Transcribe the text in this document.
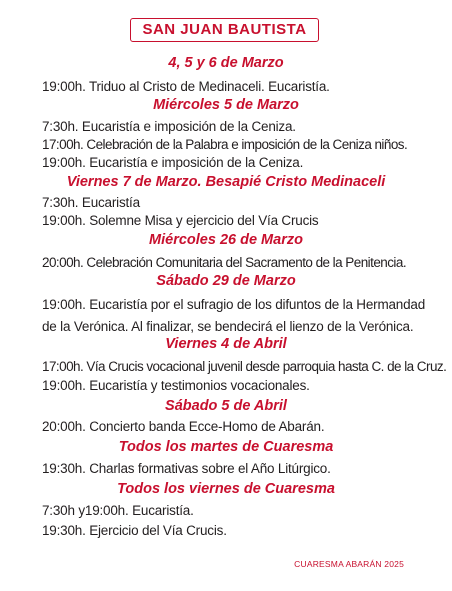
SAN JUAN BAUTISTA
4, 5 y 6 de Marzo
19:00h. Triduo al Cristo de Medinaceli. Eucaristía.
Miércoles 5 de Marzo
7:30h. Eucaristía e imposición de la Ceniza.
17:00h. Celebración de la Palabra e imposición de la Ceniza niños.
19:00h. Eucaristía e imposición de la Ceniza.
Viernes 7 de Marzo. Besapié Cristo Medinaceli
7:30h. Eucaristía
19:00h. Solemne Misa y ejercicio del Vía Crucis
Miércoles 26 de Marzo
20:00h. Celebración Comunitaria del Sacramento de la Penitencia.
Sábado 29 de Marzo
19:00h. Eucaristía por el sufragio de los difuntos de la Hermandad
de la Verónica. Al finalizar, se bendecirá el lienzo de la Verónica.
Viernes 4 de Abril
17:00h. Vía Crucis vocacional juvenil desde parroquia hasta C. de la Cruz.
19:00h. Eucaristía y testimonios vocacionales.
Sábado 5 de Abril
20:00h. Concierto banda Ecce-Homo de Abarán.
Todos los martes de Cuaresma
19:30h. Charlas formativas sobre el Año Litúrgico.
Todos los viernes de Cuaresma
7:30h y19:00h. Eucaristía.
19:30h. Ejercicio del Vía Crucis.
CUARESMA ABARÁN 2025
